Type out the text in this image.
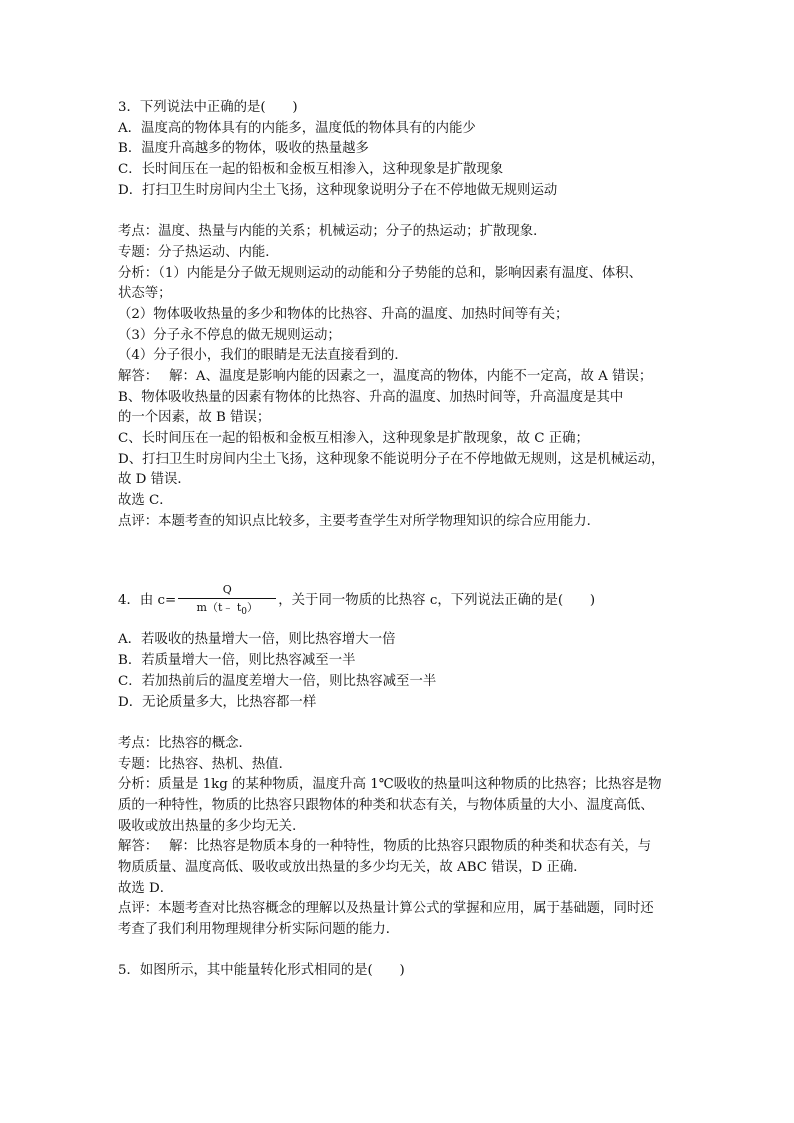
3．下列说法中正确的是(　　)
A．温度高的物体具有的内能多，温度低的物体具有的内能少
B．温度升高越多的物体，吸收的热量越多
C．长时间压在一起的铅板和金板互相渗入，这种现象是扩散现象
D．打扫卫生时房间内尘土飞扬，这种现象说明分子在不停地做无规则运动
考点：温度、热量与内能的关系；机械运动；分子的热运动；扩散现象．
专题：分子热运动、内能．
分析：（1）内能是分子做无规则运动的动能和分子势能的总和，影响因素有温度、体积、
状态等；
（2）物体吸收热量的多少和物体的比热容、升高的温度、加热时间等有关；
（3）分子永不停息的做无规则运动；
（4）分子很小，我们的眼睛是无法直接看到的．
解答：　 解：A、温度是影响内能的因素之一，温度高的物体，内能不一定高，故 A 错误；
B、物体吸收热量的因素有物体的比热容、升高的温度、加热时间等，升高温度是其中
的一个因素，故 B 错误；
C、长时间压在一起的铅板和金板互相渗入，这种现象是扩散现象，故 C 正确；
D、打扫卫生时房间内尘土飞扬，这种现象不能说明分子在不停地做无规则，这是机械运动，
故 D 错误．
故选 C．
点评：本题考查的知识点比较多，主要考查学生对所学物理知识的综合应用能力．
4．由 $c= \frac{Q}{m(t﹣ t_0)}$ ，关于同一物质的比热容 c，下列说法正确的是(　　)
A．若吸收的热量增大一倍，则比热容增大一倍
B．若质量增大一倍，则比热容减至一半
C．若加热前后的温度差增大一倍，则比热容减至一半
D．无论质量多大，比热容都一样
考点：比热容的概念．
专题：比热容、热机、热值．
分析：质量是 1kg 的某种物质，温度升高 1℃吸收的热量叫这种物质的比热容；比热容是物
质的一种特性，物质的比热容只跟物体的种类和状态有关，与物体质量的大小、温度高低、
吸收或放出热量的多少均无关．
解答：　 解：比热容是物质本身的一种特性，物质的比热容只跟物质的种类和状态有关，与
物质质量、温度高低、吸收或放出热量的多少均无关，故 ABC 错误，D 正确．
故选 D．
点评：本题考查对比热容概念的理解以及热量计算公式的掌握和应用，属于基础题，同时还
考查了我们利用物理规律分析实际问题的能力．
5．如图所示，其中能量转化形式相同的是(　　)
